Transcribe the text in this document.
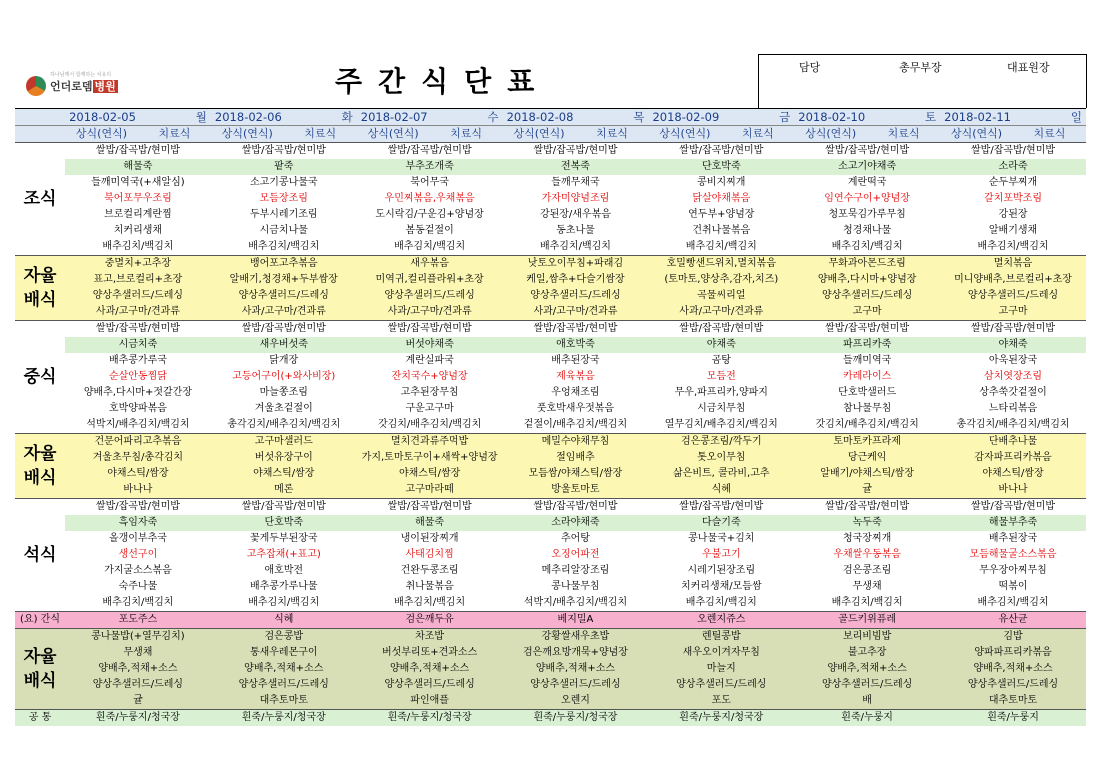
하나님께서 함께하는 치유의
언더로뎀 병원	주간식단표	담당	총무부장	대표원장
	2018-02-05	월	2018-02-06	화	2018-02-07	수	2018-02-08	목	2018-02-09	금	2018-02-10	토	2018-02-11	일
	상식(연식)	치료식	상식(연식)	치료식	상식(연식)	치료식	상식(연식)	치료식	상식(연식)	치료식	상식(연식)	치료식	상식(연식)	치료식
조식	쌀밥/잡곡밥/현미밥		쌀밥/잡곡밥/현미밥		쌀밥/잡곡밥/현미밥		쌀밥/잡곡밥/현미밥		쌀밥/잡곡밥/현미밥		쌀밥/잡곡밥/현미밥		쌀밥/잡곡밥/현미밥	
	해물죽		팥죽		부추조개죽		전복죽		단호박죽		소고기야채죽		소라죽	
	들깨미역국(+새알심)		소고기콩나물국		북어무국		들깨무채국		콩비지찌개		계란떡국		순두부찌개	
	북어포무우조림		모듬장조림		우민찌볶음,우채볶음		가자미양념조림		닭살야채볶음		임연수구이+양념장		갈치포박조림	
	브로컬리계란찜		두부시레기조림		도시락김/구운김+양념장		강된장/새우볶음		연두부+양념장		청포묵김가루무침		강된장	
	치커리생채		시금치나물		봄동겉절이		동초나물		건취나물볶음		청경채나물		알배기생채	
	배추김치/백김치		배추김치/백김치		배추김치/백김치		배추김치/백김치		배추김치/백김치		배추김치/백김치		배추김치/백김치	
자율
배식	중멸치+고추장		뱅어포고추볶음		새우볶음		낫토오이무침+파래김		호밀빵샌드위치,멸치볶음		무화과아몬드조림		멸치볶음	
	표고,브로컬리+초장		알배기,청경채+두부쌈장		미역귀,컬리플라워+초장		케일,쌈추+다슬기쌈장		(토마토,양상추,감자,치즈)		양배추,다시마+양념장		미니양배추,브로컬리+초장	
	양상추샐러드/드레싱		양상추샐러드/드레싱		양상추샐러드/드레싱		양상추샐러드/드레싱		곡물씨리얼		양상추샐러드/드레싱		양상추샐러드/드레싱	
	사과/고구마/견과류		사과/고구마/견과류		사과/고구마/견과류		사과/고구마/견과류		사과/고구마/견과류		고구마		고구마	
중식	쌀밥/잡곡밥/현미밥		쌀밥/잡곡밥/현미밥		쌀밥/잡곡밥/현미밥		쌀밥/잡곡밥/현미밥		쌀밥/잡곡밥/현미밥		쌀밥/잡곡밥/현미밥		쌀밥/잡곡밥/현미밥	
	시금치죽		새우버섯죽		버섯야채죽		애호박죽		야채죽		파프리카죽		야채죽	
	배추콩가루국		닭개장		계란실파국		배추된장국		곰탕		들깨미역국		아욱된장국	
	순살안동찜닭		고등어구이(+와사비장)		잔치국수+양념장		제육볶음		모듬전		카레라이스		삼치엿장조림	
	양배추,다시마+젓갈간장		마늘쫑조림		고추된장무침		우엉채조림		무우,파프리카,양파지		단호박샐러드		상추쑥갓겉절이	
	호박양파볶음		겨울초겉절이		구운고구마		풋호박새우젓볶음		시금치무침		참나물무침		느타리볶음	
	석박지/배추김치/백김치		총각김치/배추김치/백김치		갓김치/배추김치/백김치		겉절이/배추김치/백김치		열무김치/배추김치/백김치		갓김치/배추김치/백김치		총각김치/배추김치/백김치	
자율
배식	건문어파리고추볶음		고구마샐러드		멸치견과류주먹밥		메밀수야채무침		검은콩조림/깍두기		토마토카프라제		단배추나물	
	겨울초무침/총각김치		버섯유장구이		가지,토마토구이+새싹+양념장		절임배추		톳오이무침		당근케익		감자파프리카볶음	
	야채스틱/쌈장		야채스틱/쌈장		야채스틱/쌈장		모듬쌈/야채스틱/쌈장		삶은비트, 콜라비,고추		알배기/야채스틱/쌈장		야채스틱/쌈장	
	바나나		메론		고구마라떼		방울토마토		식혜		귤		바나나	
석식	쌀밥/잡곡밥/현미밥		쌀밥/잡곡밥/현미밥		쌀밥/잡곡밥/현미밥		쌀밥/잡곡밥/현미밥		쌀밥/잡곡밥/현미밥		쌀밥/잡곡밥/현미밥		쌀밥/잡곡밥/현미밥	
	흑임자죽		단호박죽		해물죽		소라야채죽		다슬기죽		녹두죽		해물부추죽	
	올갱이부추국		꽃게두부된장국		냉이된장찌개		추어탕		콩나물국+김치		청국장찌개		배추된장국	
	생선구이		고추잡채(+표고)		사태김치찜		오징어파전		우불고기		우채쌀우동볶음		모듬해물굴소스볶음	
	가지굴소스볶음		애호박전		건완두콩조림		메추리알장조림		시레기된장조림		검은콩조림		무우장아찌무침	
	숙주나물		배추콩가루나물		취나물볶음		콩나물무침		치커리생채/모듬쌈		무생채		떡볶이	
	배추김치/백김치		배추김치/백김치		배추김치/백김치		석박지/배추김치/백김치		배추김치/백김치		배추김치/백김치		배추김치/백김치	
(요) 간식	포도주스		식혜		검은깨두유		베지밀A		오렌지쥬스		골드키위퓨레		유산균	
자율
배식	콩나물밥(+열무김치)		검은콩밥		차조밥		강황쌀새우초밥		렌틸콩밥		보리비빔밥		김밥	
	무생채		통새우레몬구이		버섯부리또+견과소스		검은깨요방개묵+양념장		새우오이겨자무침		불고추장		양파파프리카볶음	
	양배추,적채+소스		양배추,적채+소스		양배추,적채+소스		양배추,적채+소스		마늘지		양배추,적채+소스		양배추,적채+소스	
	양상추샐러드/드레싱		양상추샐러드/드레싱		양상추샐러드/드레싱		양상추샐러드/드레싱		양상추샐러드/드레싱		양상추샐러드/드레싱		양상추샐러드/드레싱	
	귤		대추토마토		파인애플		오렌지		포도		배		대추토마토	
공 통	흰죽/누룽지/청국장		흰죽/누룽지/청국장		흰죽/누룽지/청국장		흰죽/누룽지/청국장		흰죽/누룽지/청국장		흰죽/누룽지		흰죽/누룽지	
